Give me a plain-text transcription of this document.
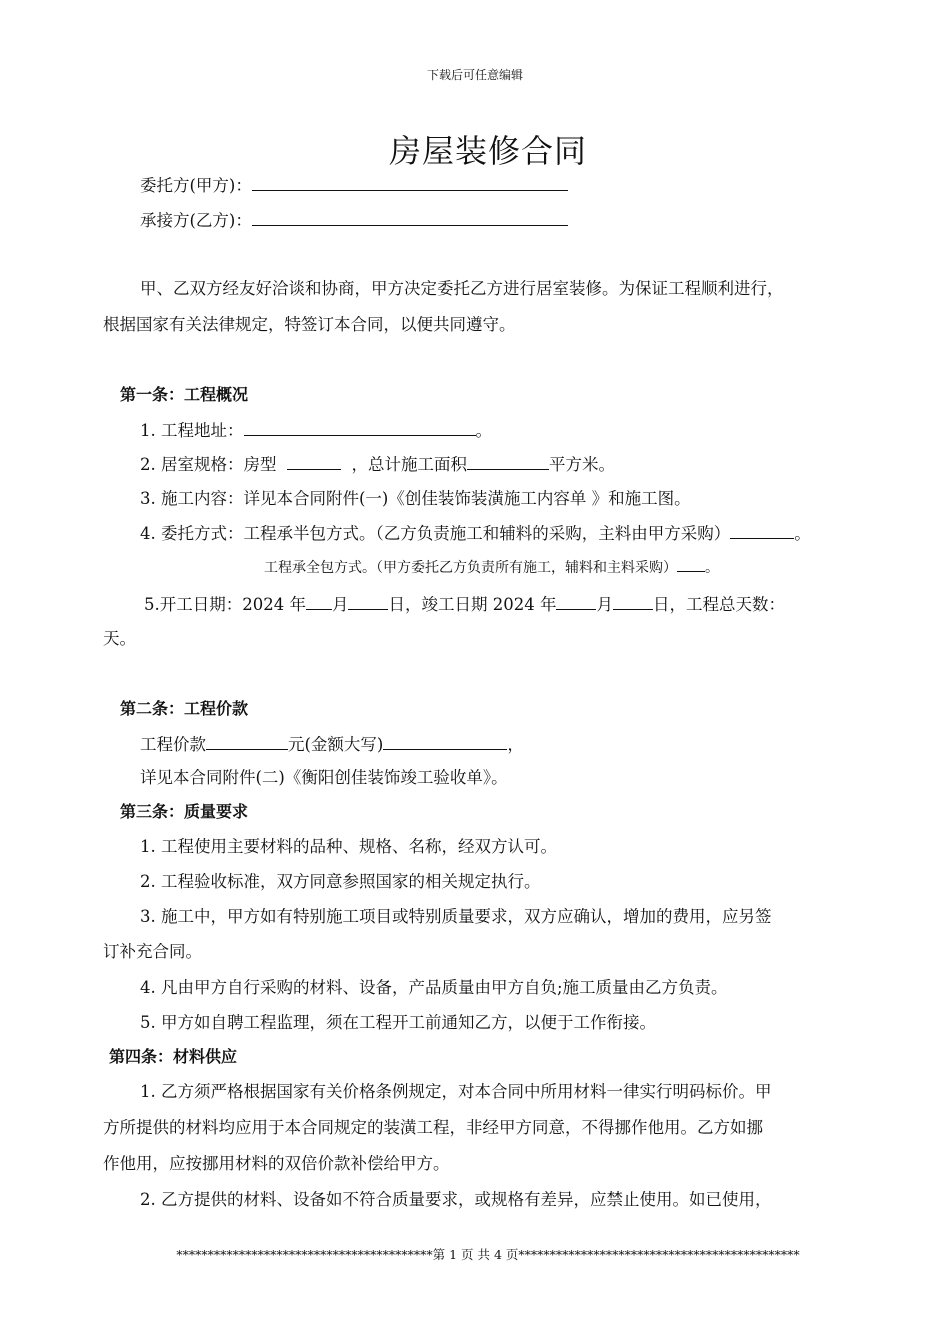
下载后可任意编辑
房屋装修合同
委托方(甲方)：
承接方(乙方)：
甲、乙双方经友好洽谈和协商，甲方决定委托乙方进行居室装修。为保证工程顺利进行，
根据国家有关法律规定，特签订本合同，以便共同遵守。
第一条：工程概况
1. 工程地址：	。
2. 居室规格：房型	，总计施工面积	平方米。
3. 施工内容：详见本合同附件(一)《创佳装饰装潢施工内容单 》和施工图。
4. 委托方式：工程承半包方式。（乙方负责施工和辅料的采购，主料由甲方采购）	。
工程承全包方式。（甲方委托乙方负责所有施工，辅料和主料采购） 。
5.开工日期：2024 年 月 日，竣工日期 2024 年 月 日，工程总天数：
天。
第二条：工程价款
工程价款	元(金额大写)	，
详见本合同附件(二)《衡阳创佳装饰竣工验收单》。
第三条：质量要求
1. 工程使用主要材料的品种、规格、名称，经双方认可。
2. 工程验收标准，双方同意参照国家的相关规定执行。
3. 施工中，甲方如有特别施工项目或特别质量要求，双方应确认，增加的费用，应另签
订补充合同。
4. 凡由甲方自行采购的材料、设备，产品质量由甲方自负;施工质量由乙方负责。
5. 甲方如自聘工程监理，须在工程开工前通知乙方，以便于工作衔接。
第四条：材料供应
1. 乙方须严格根据国家有关价格条例规定，对本合同中所用材料一律实行明码标价。甲
方所提供的材料均应用于本合同规定的装潢工程，非经甲方同意，不得挪作他用。乙方如挪
作他用，应按挪用材料的双倍价款补偿给甲方。
2. 乙方提供的材料、设备如不符合质量要求，或规格有差异，应禁止使用。如已使用，
*****************************************第 1 页 共 4 页*********************************************
